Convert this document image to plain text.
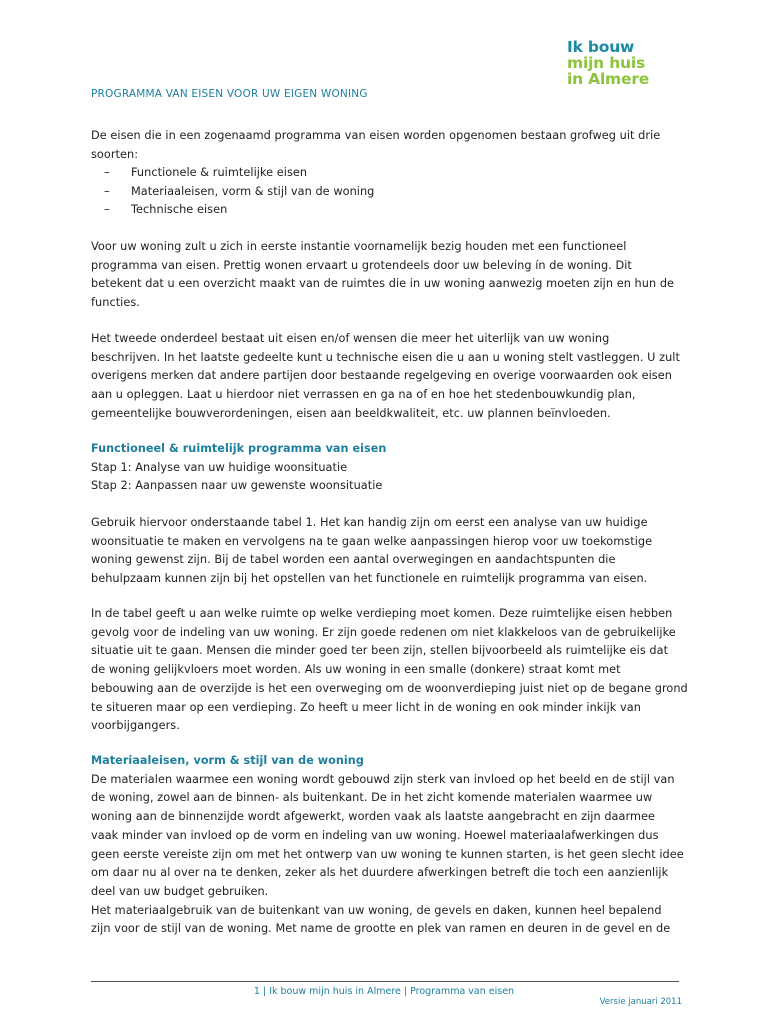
Ik bouw
mijn huis
in Almere
PROGRAMMA VAN EISEN VOOR UW EIGEN WONING

De eisen die in een zogenaamd programma van eisen worden opgenomen bestaan grofweg uit drie

soorten:

– Functionele & ruimtelijke eisen
– Materiaaleisen, vorm & stijl van de woning
– Technische eisen

Voor uw woning zult u zich in eerste instantie voornamelijk bezig houden met een functioneel

programma van eisen. Prettig wonen ervaart u grotendeels door uw beleving ín de woning. Dit

betekent dat u een overzicht maakt van de ruimtes die in uw woning aanwezig moeten zijn en hun de

functies.

Het tweede onderdeel bestaat uit eisen en/of wensen die meer het uiterlijk van uw woning

beschrijven. In het laatste gedeelte kunt u technische eisen die u aan u woning stelt vastleggen. U zult

overigens merken dat andere partijen door bestaande regelgeving en overige voorwaarden ook eisen

aan u opleggen. Laat u hierdoor niet verrassen en ga na of en hoe het stedenbouwkundig plan,

gemeentelijke bouwverordeningen, eisen aan beeldkwaliteit, etc. uw plannen beïnvloeden.

Functioneel & ruimtelijk programma van eisen

Stap 1: Analyse van uw huidige woonsituatie

Stap 2: Aanpassen naar uw gewenste woonsituatie

Gebruik hiervoor onderstaande tabel 1. Het kan handig zijn om eerst een analyse van uw huidige

woonsituatie te maken en vervolgens na te gaan welke aanpassingen hierop voor uw toekomstige

woning gewenst zijn. Bij de tabel worden een aantal overwegingen en aandachtspunten die

behulpzaam kunnen zijn bij het opstellen van het functionele en ruimtelijk programma van eisen.

In de tabel geeft u aan welke ruimte op welke verdieping moet komen. Deze ruimtelijke eisen hebben

gevolg voor de indeling van uw woning. Er zijn goede redenen om niet klakkeloos van de gebruikelijke

situatie uit te gaan. Mensen die minder goed ter been zijn, stellen bijvoorbeeld als ruimtelijke eis dat

de woning gelijkvloers moet worden. Als uw woning in een smalle (donkere) straat komt met

bebouwing aan de overzijde is het een overweging om de woonverdieping juist niet op de begane grond

te situeren maar op een verdieping. Zo heeft u meer licht in de woning en ook minder inkijk van

voorbijgangers.

Materiaaleisen, vorm & stijl van de woning

De materialen waarmee een woning wordt gebouwd zijn sterk van invloed op het beeld en de stijl van

de woning, zowel aan de binnen- als buitenkant. De in het zicht komende materialen waarmee uw

woning aan de binnenzijde wordt afgewerkt, worden vaak als laatste aangebracht en zijn daarmee

vaak minder van invloed op de vorm en indeling van uw woning. Hoewel materiaalafwerkingen dus

geen eerste vereiste zijn om met het ontwerp van uw woning te kunnen starten, is het geen slecht idee

om daar nu al over na te denken, zeker als het duurdere afwerkingen betreft die toch een aanzienlijk

deel van uw budget gebruiken.

Het materiaalgebruik van de buitenkant van uw woning, de gevels en daken, kunnen heel bepalend

zijn voor de stijl van de woning. Met name de grootte en plek van ramen en deuren in de gevel en de

1 | Ik bouw mijn huis in Almere | Programma van eisen
Versie januari 2011
